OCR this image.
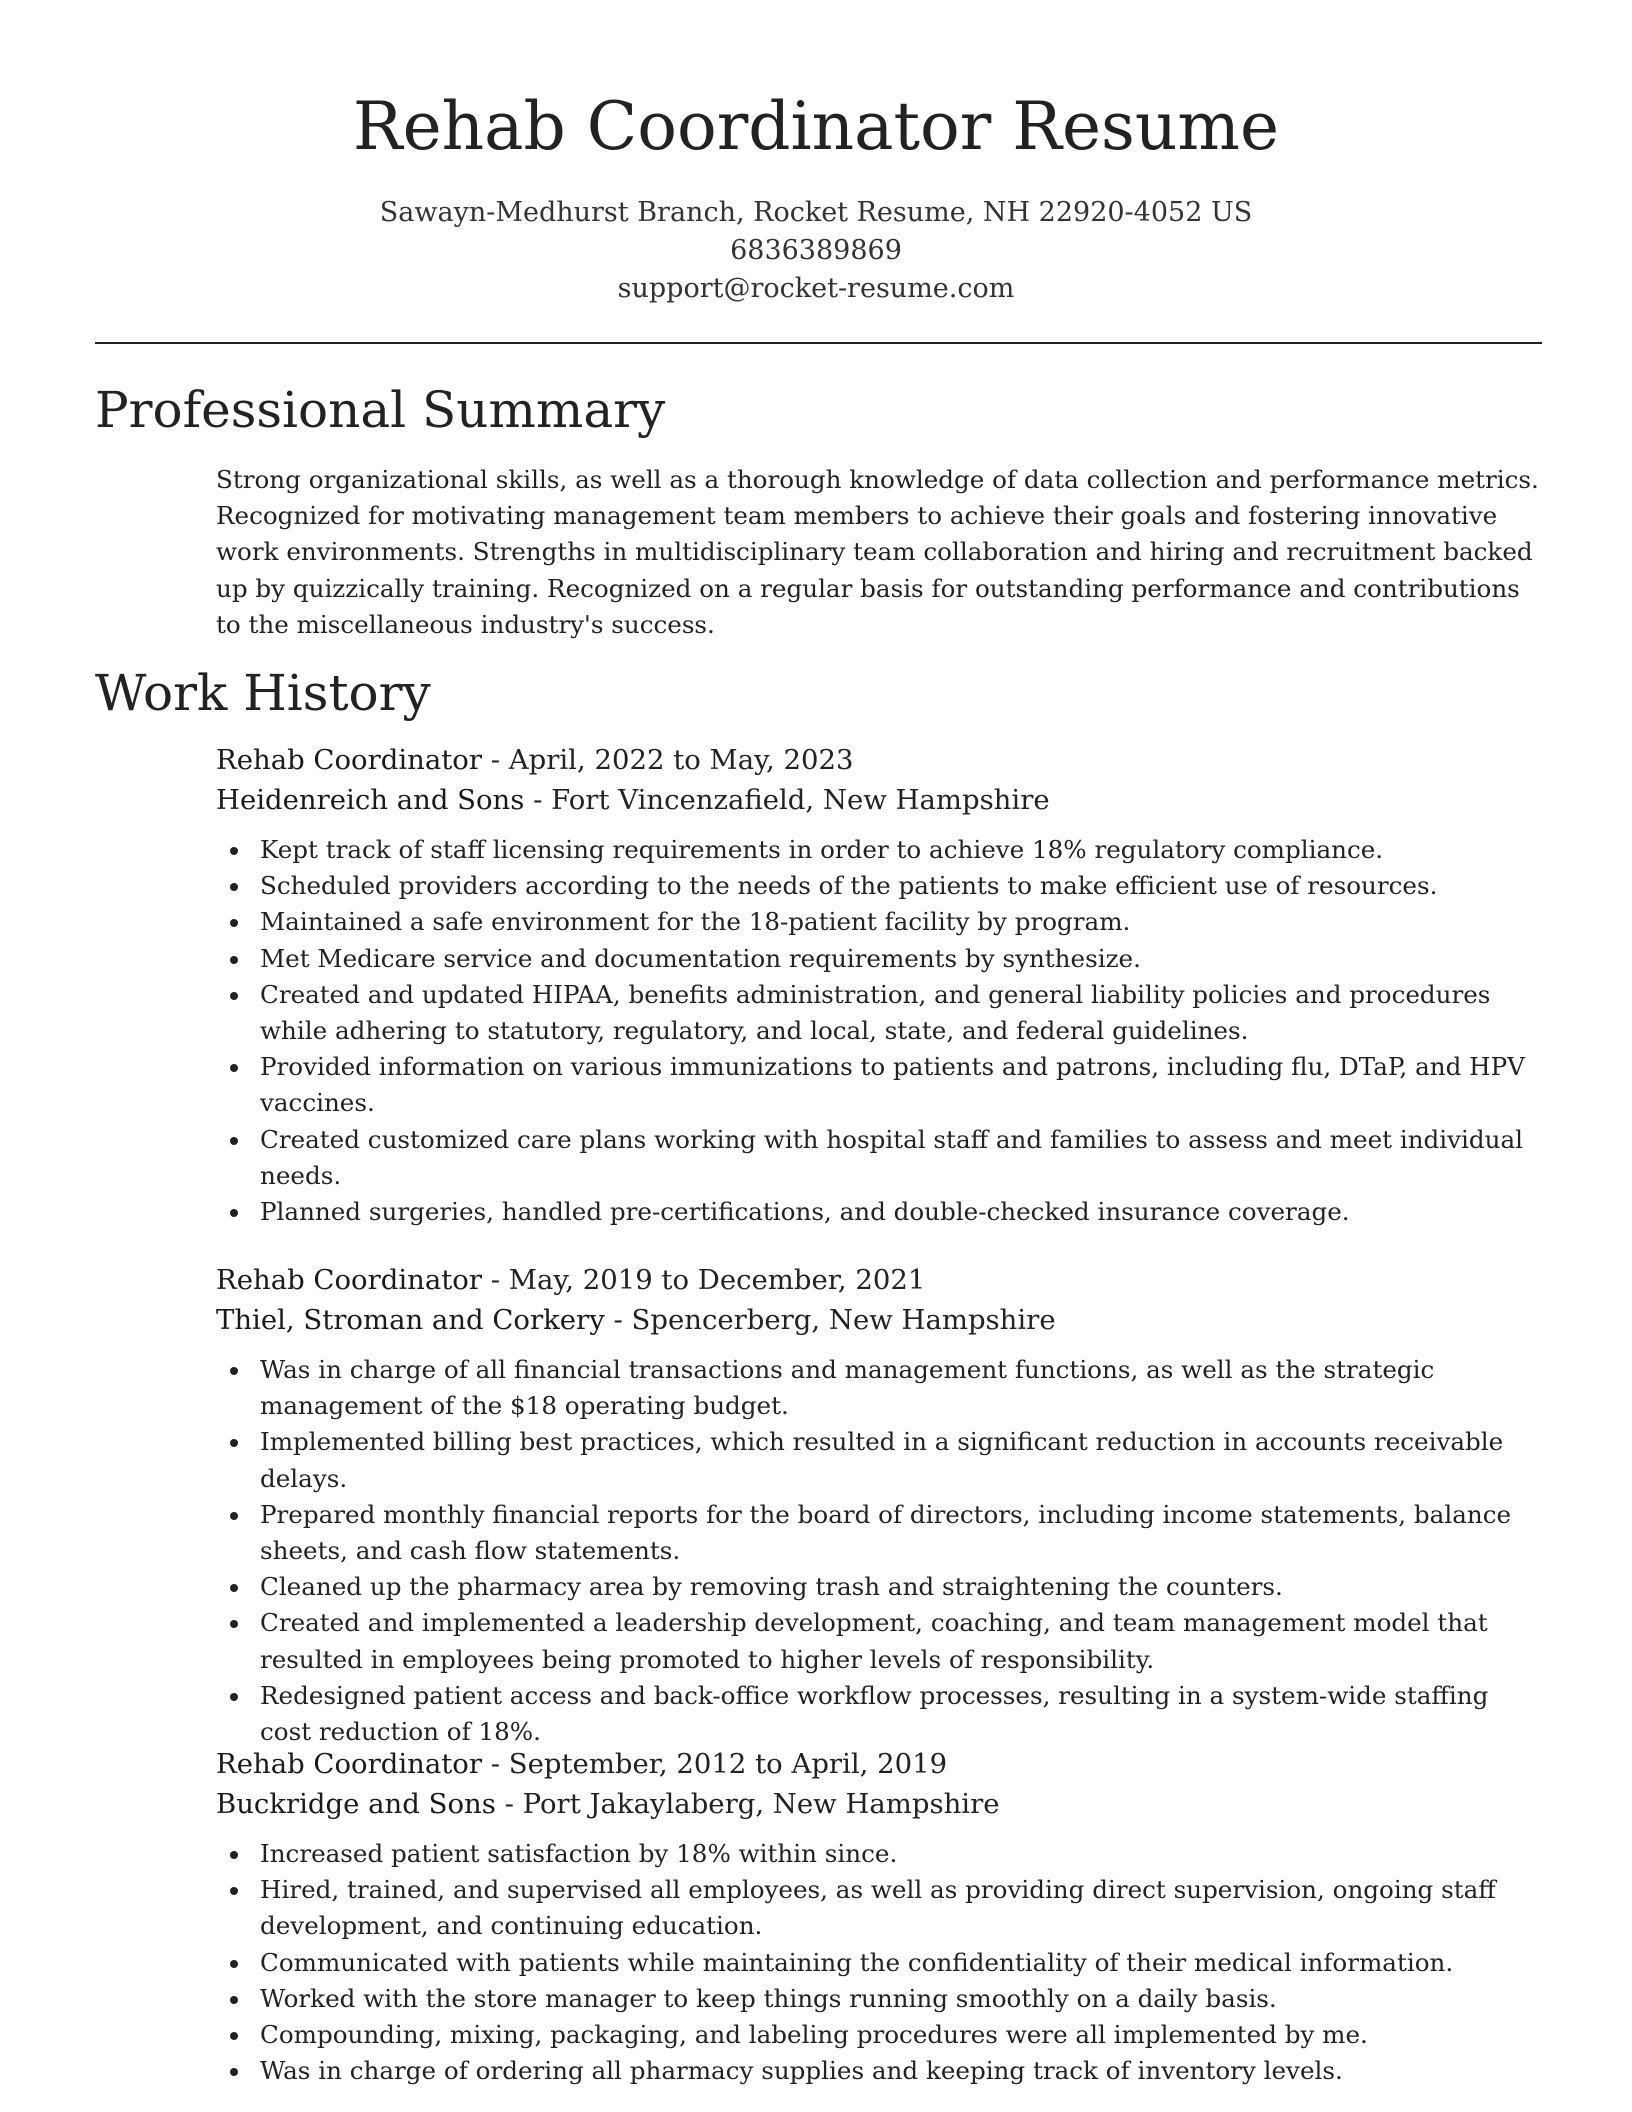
Rehab Coordinator Resume
Sawayn-Medhurst Branch, Rocket Resume, NH 22920-4052 US
6836389869
support@rocket-resume.com
Professional Summary

Strong organizational skills, as well as a thorough knowledge of data collection and performance metrics. Recognized for motivating management team members to achieve their goals and fostering innovative work environments. Strengths in multidisciplinary team collaboration and hiring and recruitment backed up by quizzically training. Recognized on a regular basis for outstanding performance and contributions to the miscellaneous industry's success.

Work History
Rehab Coordinator - April, 2022 to May, 2023
Heidenreich and Sons - Fort Vincenzafield, New Hampshire
Kept track of staff licensing requirements in order to achieve 18% regulatory compliance.
Scheduled providers according to the needs of the patients to make efficient use of resources.
Maintained a safe environment for the 18-patient facility by program.
Met Medicare service and documentation requirements by synthesize.
Created and updated HIPAA, benefits administration, and general liability policies and procedures while adhering to statutory, regulatory, and local, state, and federal guidelines.
Provided information on various immunizations to patients and patrons, including flu, DTaP, and HPV vaccines.
Created customized care plans working with hospital staff and families to assess and meet individual needs.
Planned surgeries, handled pre-certifications, and double-checked insurance coverage.
Rehab Coordinator - May, 2019 to December, 2021
Thiel, Stroman and Corkery - Spencerberg, New Hampshire
Was in charge of all financial transactions and management functions, as well as the strategic management of the $18 operating budget.
Implemented billing best practices, which resulted in a significant reduction in accounts receivable delays.
Prepared monthly financial reports for the board of directors, including income statements, balance sheets, and cash flow statements.
Cleaned up the pharmacy area by removing trash and straightening the counters.
Created and implemented a leadership development, coaching, and team management model that resulted in employees being promoted to higher levels of responsibility.
Redesigned patient access and back-office workflow processes, resulting in a system-wide staffing cost reduction of 18%.
Rehab Coordinator - September, 2012 to April, 2019
Buckridge and Sons - Port Jakaylaberg, New Hampshire
Increased patient satisfaction by 18% within since.
Hired, trained, and supervised all employees, as well as providing direct supervision, ongoing staff development, and continuing education.
Communicated with patients while maintaining the confidentiality of their medical information.
Worked with the store manager to keep things running smoothly on a daily basis.
Compounding, mixing, packaging, and labeling procedures were all implemented by me.
Was in charge of ordering all pharmacy supplies and keeping track of inventory levels.
